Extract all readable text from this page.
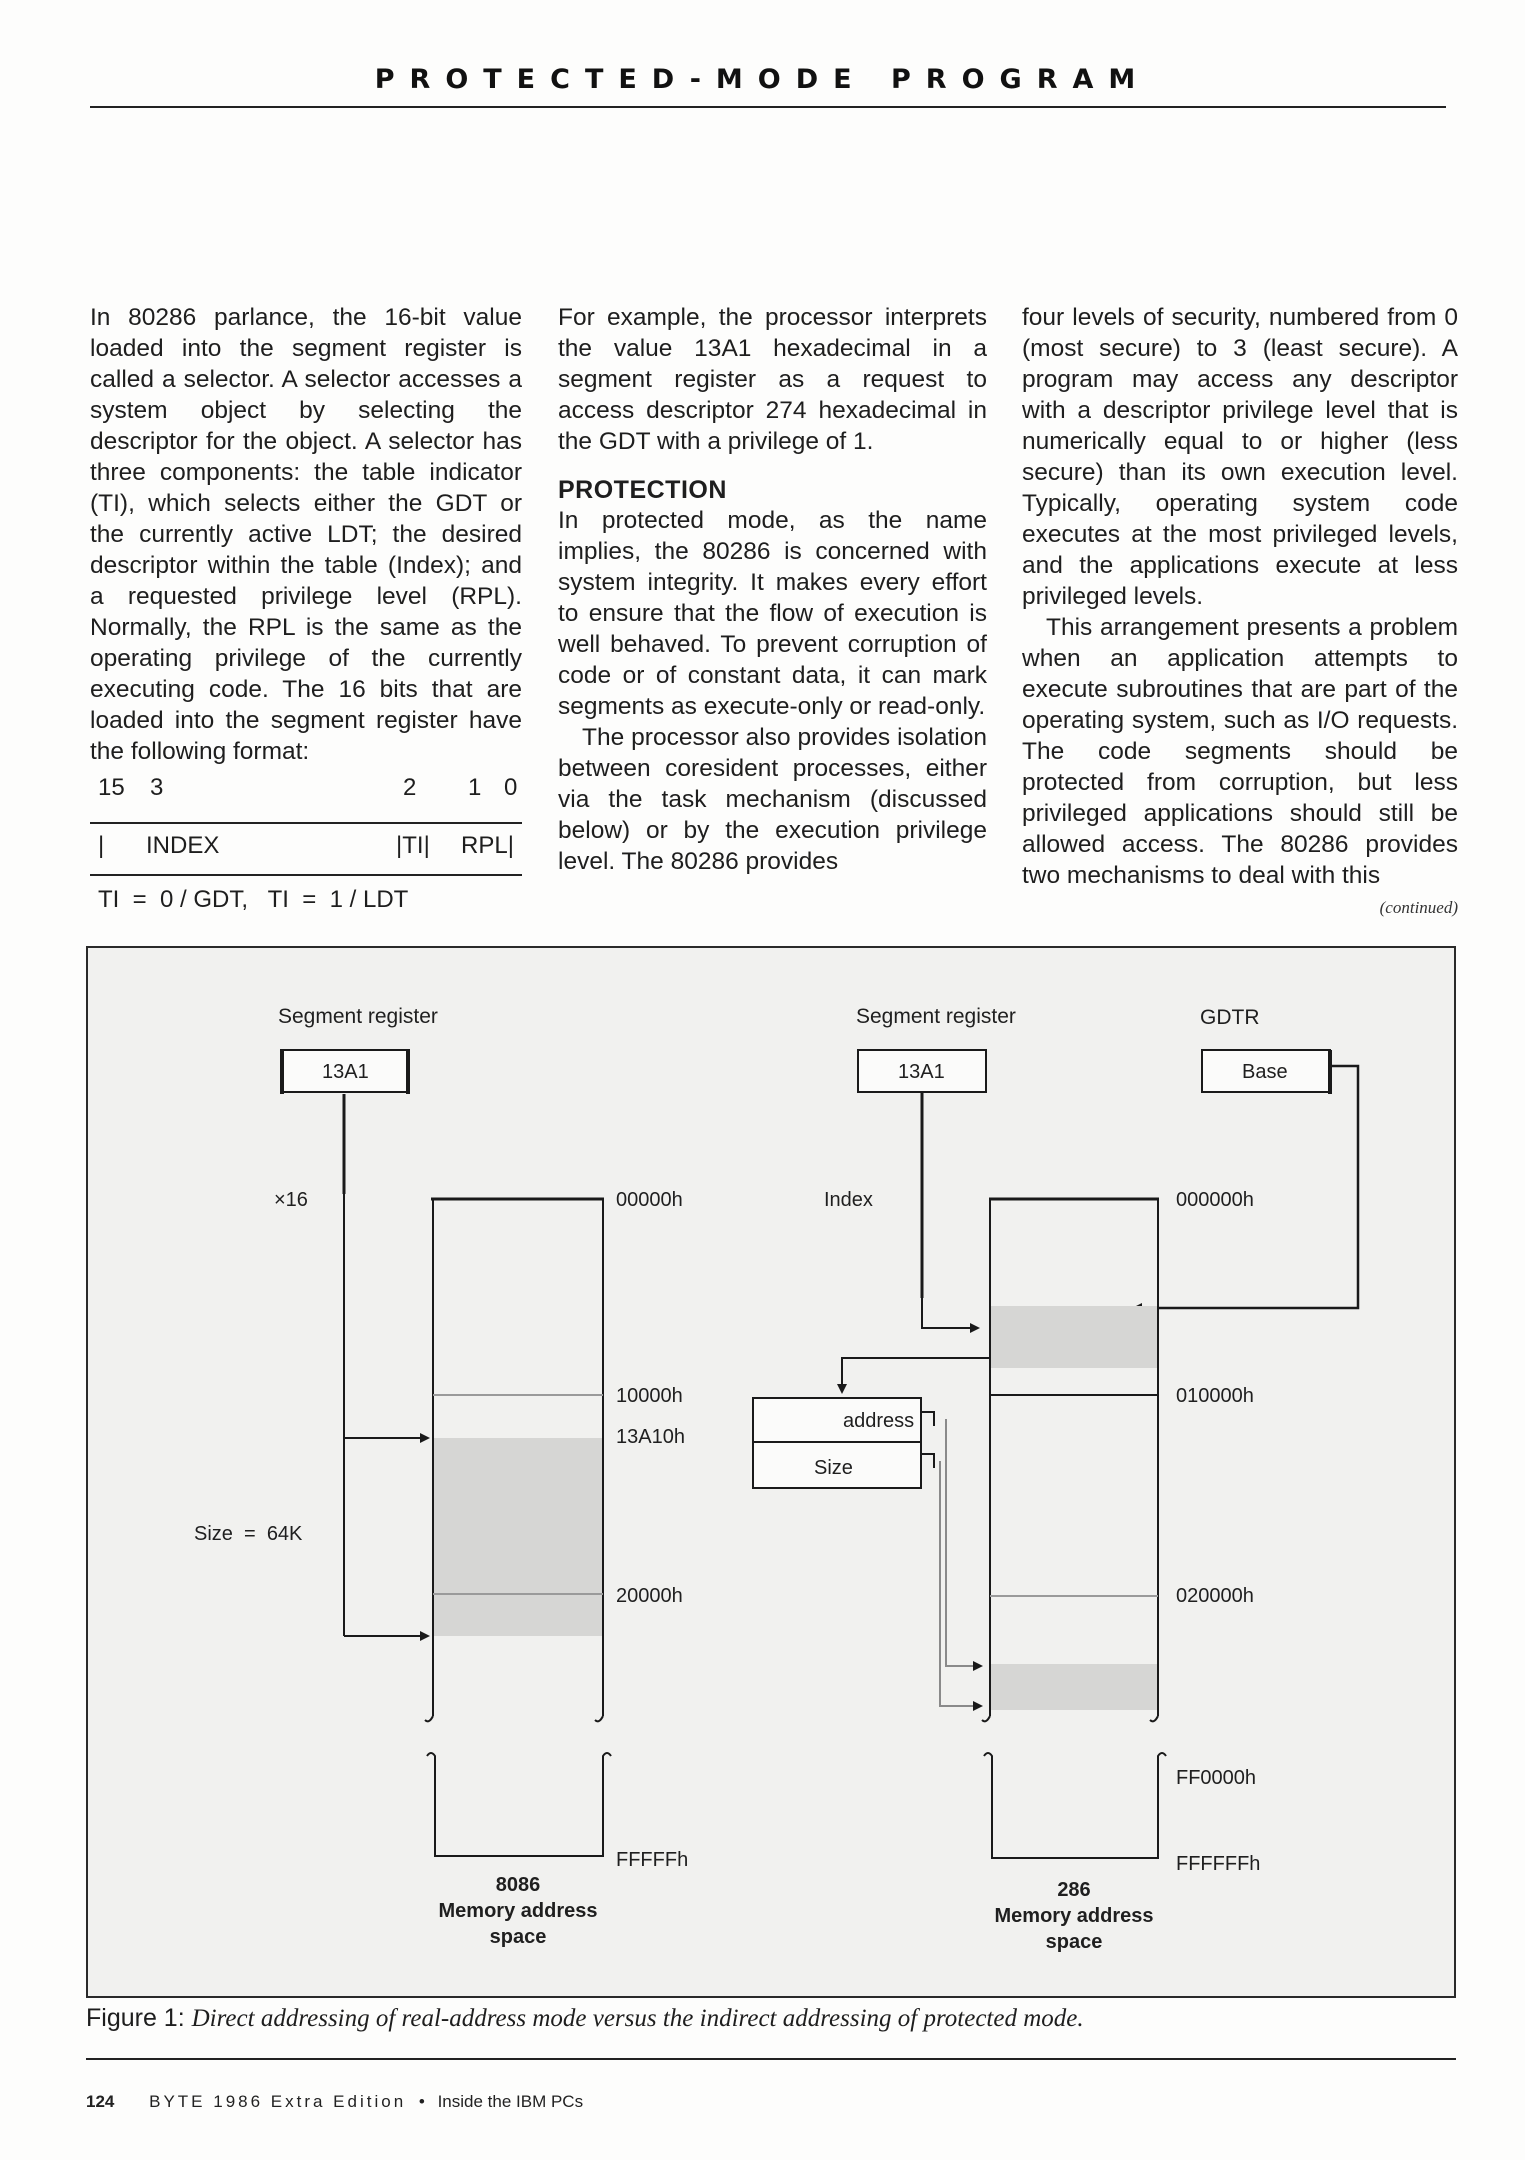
PROTECTED-MODE PROGRAM

In 80286 parlance, the 16-bit value loaded into the segment register is called a selector. A selector accesses a system object by selecting the descriptor for the object. A selector has three components: the table indicator (TI), which selects either the GDT or the currently active LDT; the desired descriptor within the table (Index); and a requested privilege level (RPL). Normally, the RPL is the same as the operating privilege of the currently executing code. The 16 bits that are loaded into the segment register have the following format:

15 3	2 1 0
| INDEX	|TI| RPL|
TI  =  0 / GDT,   TI  =  1 / LDT

For example, the processor interprets the value 13A1 hexadecimal in a segment register as a request to access descriptor 274 hexadecimal in the GDT with a privilege of 1.

PROTECTION

In protected mode, as the name implies, the 80286 is concerned with system integrity. It makes every effort to ensure that the flow of execution is well behaved. To prevent corruption of code or of constant data, it can mark segments as execute-only or read-only.

The processor also provides isolation between coresident processes, either via the task mechanism (discussed below) or by the execution privilege level. The 80286 provides

four levels of security, numbered from 0 (most secure) to 3 (least secure). A program may access any descriptor with a descriptor privilege level that is numerically equal to or higher (less secure) than its own execution level. Typically, operating system code executes at the most privileged levels, and the applications execute at less privileged levels.

This arrangement presents a problem when an application attempts to execute subroutines that are part of the operating system, such as I/O requests. The code segments should be protected from corruption, but less privileged applications should still be allowed access. The 80286 provides two mechanisms to deal with this

(continued)
Segment register
13A1
×16
Size  =  64K
00000h
10000h
13A10h
20000h
FFFFFh
8086
Memory address
space
Segment register
13A1
Index
GDTR
Base
address
Size
000000h
010000h
020000h
FF0000h
FFFFFFh
286
Memory address
space
Figure 1: Direct addressing of real-address mode versus the indirect addressing of protected mode.
124 BYTE 1986 Extra Edition • Inside the IBM PCs
